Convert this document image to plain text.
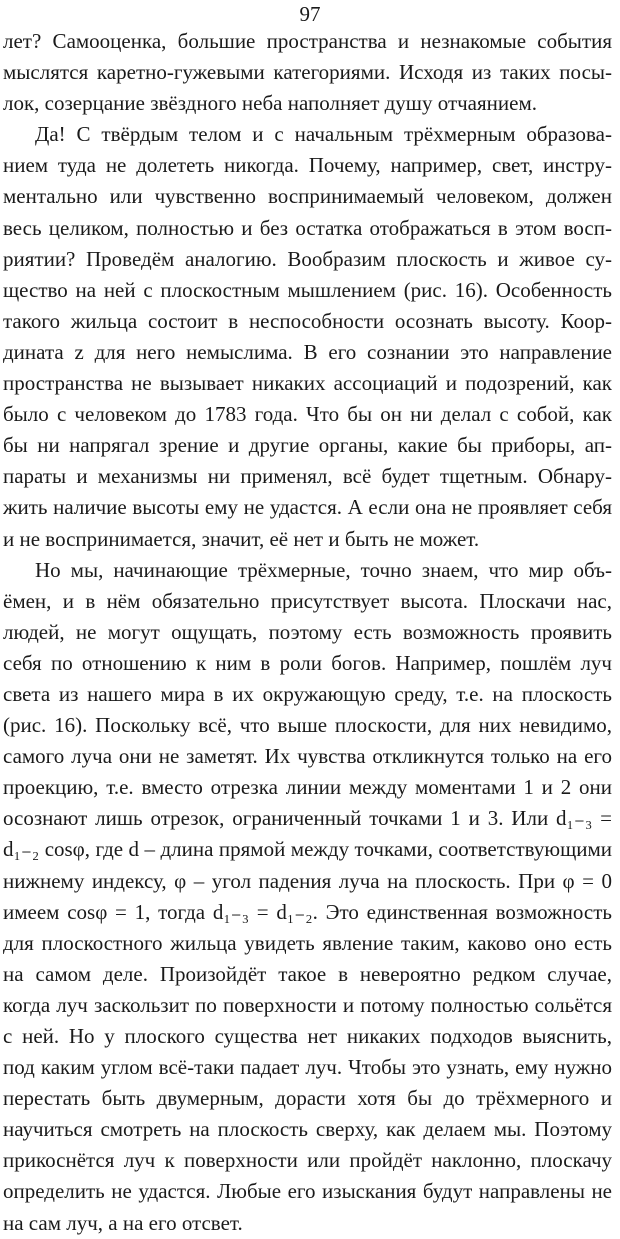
97
лет? Самооценка, большие пространства и незнакомые события
мыслятся каретно-гужевыми категориями. Исходя из таких посы-
лок, созерцание звёздного неба наполняет душу отчаянием.
Да! С твёрдым телом и с начальным трёхмерным образова-
нием туда не долететь никогда. Почему, например, свет, инстру-
ментально или чувственно воспринимаемый человеком, должен
весь целиком, полностью и без остатка отображаться в этом восп-
риятии? Проведём аналогию. Вообразим плоскость и живое су-
щество на ней с плоскостным мышлением (рис. 16). Особенность
такого жильца состоит в неспособности осознать высоту. Коор-
дината z для него немыслима. В его сознании это направление
пространства не вызывает никаких ассоциаций и подозрений, как
было с человеком до 1783 года. Что бы он ни делал с собой, как
бы ни напрягал зрение и другие органы, какие бы приборы, ап-
параты и механизмы ни применял, всё будет тщетным. Обнару-
жить наличие высоты ему не удастся. А если она не проявляет себя
и не воспринимается, значит, её нет и быть не может.
Но мы, начинающие трёхмерные, точно знаем, что мир объ-
ёмен, и в нём обязательно присутствует высота. Плоскачи нас,
людей, не могут ощущать, поэтому есть возможность проявить
себя по отношению к ним в роли богов. Например, пошлём луч
света из нашего мира в их окружающую среду, т.е. на плоскость
(рис. 16). Поскольку всё, что выше плоскости, для них невидимо,
самого луча они не заметят. Их чувства откликнутся только на его
проекцию, т.е. вместо отрезка линии между моментами 1 и 2 они
осознают лишь отрезок, ограниченный точками 1 и 3. Или d₁₋₃ =
d₁₋₂ cosφ, где d – длина прямой между точками, соответствующими
нижнему индексу, φ – угол падения луча на плоскость. При φ = 0
имеем cosφ = 1, тогда d₁₋₃ = d₁₋₂. Это единственная возможность
для плоскостного жильца увидеть явление таким, каково оно есть
на самом деле. Произойдёт такое в невероятно редком случае,
когда луч заскользит по поверхности и потому полностью сольётся
с ней. Но у плоского существа нет никаких подходов выяснить,
под каким углом всё-таки падает луч. Чтобы это узнать, ему нужно
перестать быть двумерным, дорасти хотя бы до трёхмерного и
научиться смотреть на плоскость сверху, как делаем мы. Поэтому
прикоснётся луч к поверхности или пройдёт наклонно, плоскачу
определить не удастся. Любые его изыскания будут направлены не
на сам луч, а на его отсвет.
